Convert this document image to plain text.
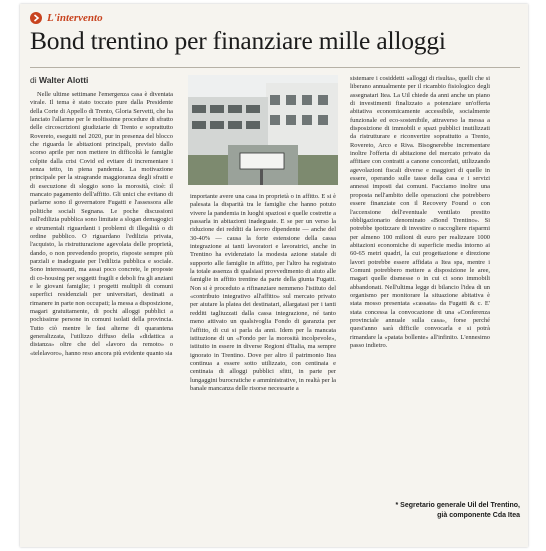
L'intervento
Bond trentino per finanziare mille alloggi
di Walter Alotti

Nelle ultime settimane l'emergenza casa è diventata virale. Il tema è stato toccato pure dalla Presidente della Corte di Appello di Trento, Gloria Servetti, che ha lanciato l'allarme per le moltissime procedure di sfratto delle circoscrizioni giudiziarie di Trento e soprattutto Rovereto, eseguiti nel 2020, pur in presenza del blocco che riguarda le abitazioni principali, previsto dallo scorso aprile per non mettere in difficoltà le famiglie colpite dalla crisi Covid ed evitare di incrementare i senza tetto, in piena pandemia. La motivazione principale per la stragrande maggioranza degli sfratti e di esecuzione di sloggio sono la morosità, cioè: il mancato pagamento dell'affitto. Gli unici che evitano di parlarne sono il governatore Fugatti e l'assessora alle politiche sociali Segnana. Le poche discussioni sull'edilizia pubblica sono limitate a slogan demagogici e strumentali riguardanti i problemi di illegalità o di ordine pubblico. O riguardano l'edilizia privata, l'acquisto, la ristrutturazione agevolata delle proprietà, dando, o non prevedendo proprio, risposte sempre più parziali e inadeguate per l'edilizia pubblica e sociale. Sono interessanti, ma assai poco concrete, le proposte di co-housing per soggetti fragili e deboli fra gli anziani e le giovani famiglie; i progetti multipli di comuni superfici residenziali per universitari, destinati a rimanere in parte non occupati; la messa a disposizione, magari gratuitamente, di pochi alloggi pubblici a pochissime persone in comuni isolati della provincia. Tutto ciò mentre le fasi alterne di quarantena generalizzata, l'utilizzo diffuso della «didattica a distanza» oltre che del «lavoro da remoto» o «telelavoro», hanno reso ancora più evidente quanto sia

importante avere una casa in proprietà o in affitto. E si è palesata la disparità tra le famiglie che hanno potuto vivere la pandemia in luoghi spaziosi e quelle costrette a passarla in abitazioni inadeguate. E se per un verso la riduzione dei redditi da lavoro dipendente — anche del 30-40% — causa la forte estensione della cassa integrazione ai tanti lavoratori e lavoratrici, anche in Trentino ha evidenziato la modesta azione statale di supporto alle famiglie in affitto, per l'altro ha registrato la totale assenza di qualsiasi provvedimento di aiuto alle famiglie in affitto trentine da parte della giunta Fugatti. Non si è proceduto a rifinanziare nemmeno l'istituto del «contributo integrativo all'affitto» sul mercato privato per aiutare la platea dei destinatari, allargatasi per i tanti redditi tagliuzzati dalla cassa integrazione, né tanto meno attivato un qualsivoglia Fondo di garanzia per l'affitto, di cui si parla da anni. Idem per la mancata istituzione di un «Fondo per la morosità incolpevole», istituito in essere in diverse Regioni d'Italia, ma sempre ignorato in Trentino. Dove per altro il patrimonio Itea continua a essere sotto utilizzato, con centinaia e centinaia di alloggi pubblici sfitti, in parte per lungaggini burocratiche e amministrative, in realtà per la banale mancanza delle risorse necessarie a

sistemare i cosiddetti «alloggi di risulta», quelli che si liberano annualmente per il ricambio fisiologico degli assegnatari Itea. La Uil chiede da anni anche un piano di investimenti finalizzato a potenziare un'offerta abitativa economicamente accessibile, socialmente funzionale ed eco-sostenibile, attraverso la messa a disposizione di immobili e spazi pubblici inutilizzati da ristrutturare e riconvertire soprattutto a Trento, Rovereto, Arco e Riva. Bisognerebbe incrementare inoltre l'offerta di abitazione del mercato privato da affittare con contratti a canone concordati, utilizzando agevolazioni fiscali diverse e maggiori di quelle in essere, operando sulle tasse della casa e i servizi annessi imposti dai comuni. Facciamo inoltre una proposta nell'ambito delle operazioni che potrebbero essere finanziate con il Recovery Found o con l'accensione dell'eventuale ventilato prestito obbligazionario denominato «Bond Trentino». Si potrebbe ipotizzare di investire o raccogliere risparmi per almeno 100 milioni di euro per realizzare 1000 abitazioni economiche di superficie media intorno ai 60-65 metri quadri, la cui progettazione e direzione lavori potrebbe essere affidata a Itea spa, mentre i Comuni potrebbero mettere a disposizione le aree, magari quelle dismesse o in cui ci sono immobili abbandonati. Nell'ultima legge di bilancio l'idea di un organismo per monitorare la situazione abitativa è stata mosso presentata «cassata» da Fugatti & c. E' stata concessa la convocazione di una «Conferenza provinciale annuale sulla casa», forse perché quest'anno sarà difficile convocarla e si potrà rimandare la «patata bollente» all'infinito. L'ennesimo passo indietro.

* Segretario generale Uil del Trentino,
già componente Cda Itea
